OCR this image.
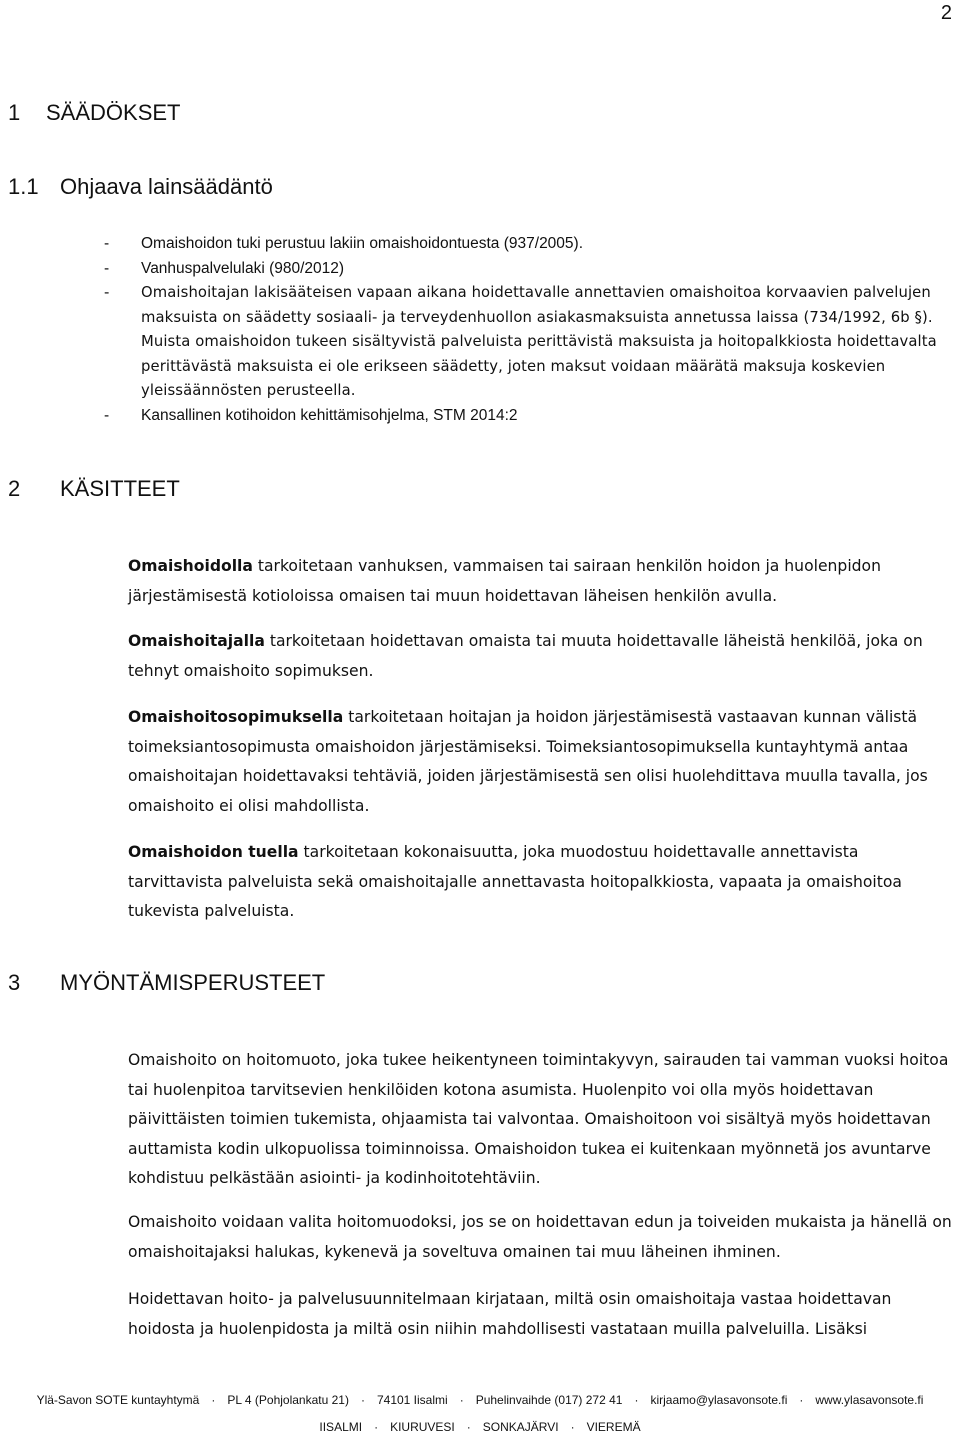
2
1 SÄÄDÖKSET
1.1 Ohjaava lainsäädäntö
- Omaishoidon tuki perustuu lakiin omaishoidontuesta (937/2005).
- Vanhuspalvelulaki (980/2012)
- Omaishoitajan lakisääteisen vapaan aikana hoidettavalle annettavien omaishoitoa korvaavien palvelujen maksuista on säädetty sosiaali- ja terveydenhuollon asiakasmaksuista annetussa laissa (734/1992, 6b §). Muista omaishoidon tukeen sisältyvistä palveluista perittävistä maksuista ja hoitopalkkiosta hoidettavalta perittävästä maksuista ei ole erikseen säädetty, joten maksut voidaan määrätä maksuja koskevien yleissäännösten perusteella.
- Kansallinen kotihoidon kehittämisohjelma, STM 2014:2
2 KÄSITTEET

Omaishoidolla tarkoitetaan vanhuksen, vammaisen tai sairaan henkilön hoidon ja huolenpidon järjestämisestä kotioloissa omaisen tai muun hoidettavan läheisen henkilön avulla.

Omaishoitajalla tarkoitetaan hoidettavan omaista tai muuta hoidettavalle läheistä henkilöä, joka on tehnyt omaishoito sopimuksen.

Omaishoitosopimuksella tarkoitetaan hoitajan ja hoidon järjestämisestä vastaavan kunnan välistä toimeksiantosopimusta omaishoidon järjestämiseksi. Toimeksiantosopimuksella kuntayhtymä antaa omaishoitajan hoidettavaksi tehtäviä, joiden järjestämisestä sen olisi huolehdittava muulla tavalla, jos omaishoito ei olisi mahdollista.

Omaishoidon tuella tarkoitetaan kokonaisuutta, joka muodostuu hoidettavalle annettavista tarvittavista palveluista sekä omaishoitajalle annettavasta hoitopalkkiosta, vapaata ja omaishoitoa tukevista palveluista.

3 MYÖNTÄMISPERUSTEET

Omaishoito on hoitomuoto, joka tukee heikentyneen toimintakyvyn, sairauden tai vamman vuoksi hoitoa tai huolenpitoa tarvitsevien henkilöiden kotona asumista. Huolenpito voi olla myös hoidettavan päivittäisten toimien tukemista, ohjaamista tai valvontaa. Omaishoitoon voi sisältyä myös hoidettavan auttamista kodin ulkopuolissa toiminnoissa. Omaishoidon tukea ei kuitenkaan myönnetä jos avuntarve kohdistuu pelkästään asiointi- ja kodinhoitotehtäviin.

Omaishoito voidaan valita hoitomuodoksi, jos se on hoidettavan edun ja toiveiden mukaista ja hänellä on omaishoitajaksi halukas, kykenevä ja soveltuva omainen tai muu läheinen ihminen.

Hoidettavan hoito- ja palvelusuunnitelmaan kirjataan, miltä osin omaishoitaja vastaa hoidettavan hoidosta ja huolenpidosta ja miltä osin niihin mahdollisesti vastataan muilla palveluilla. Lisäksi

Ylä-Savon SOTE kuntayhtymä · PL 4 (Pohjolankatu 21) · 74101 Iisalmi · Puhelinvaihde (017) 272 41 · kirjaamo@ylasavonsote.fi · www.ylasavonsote.fi
IISALMI · KIURUVESI · SONKAJÄRVI · VIEREMÄ
